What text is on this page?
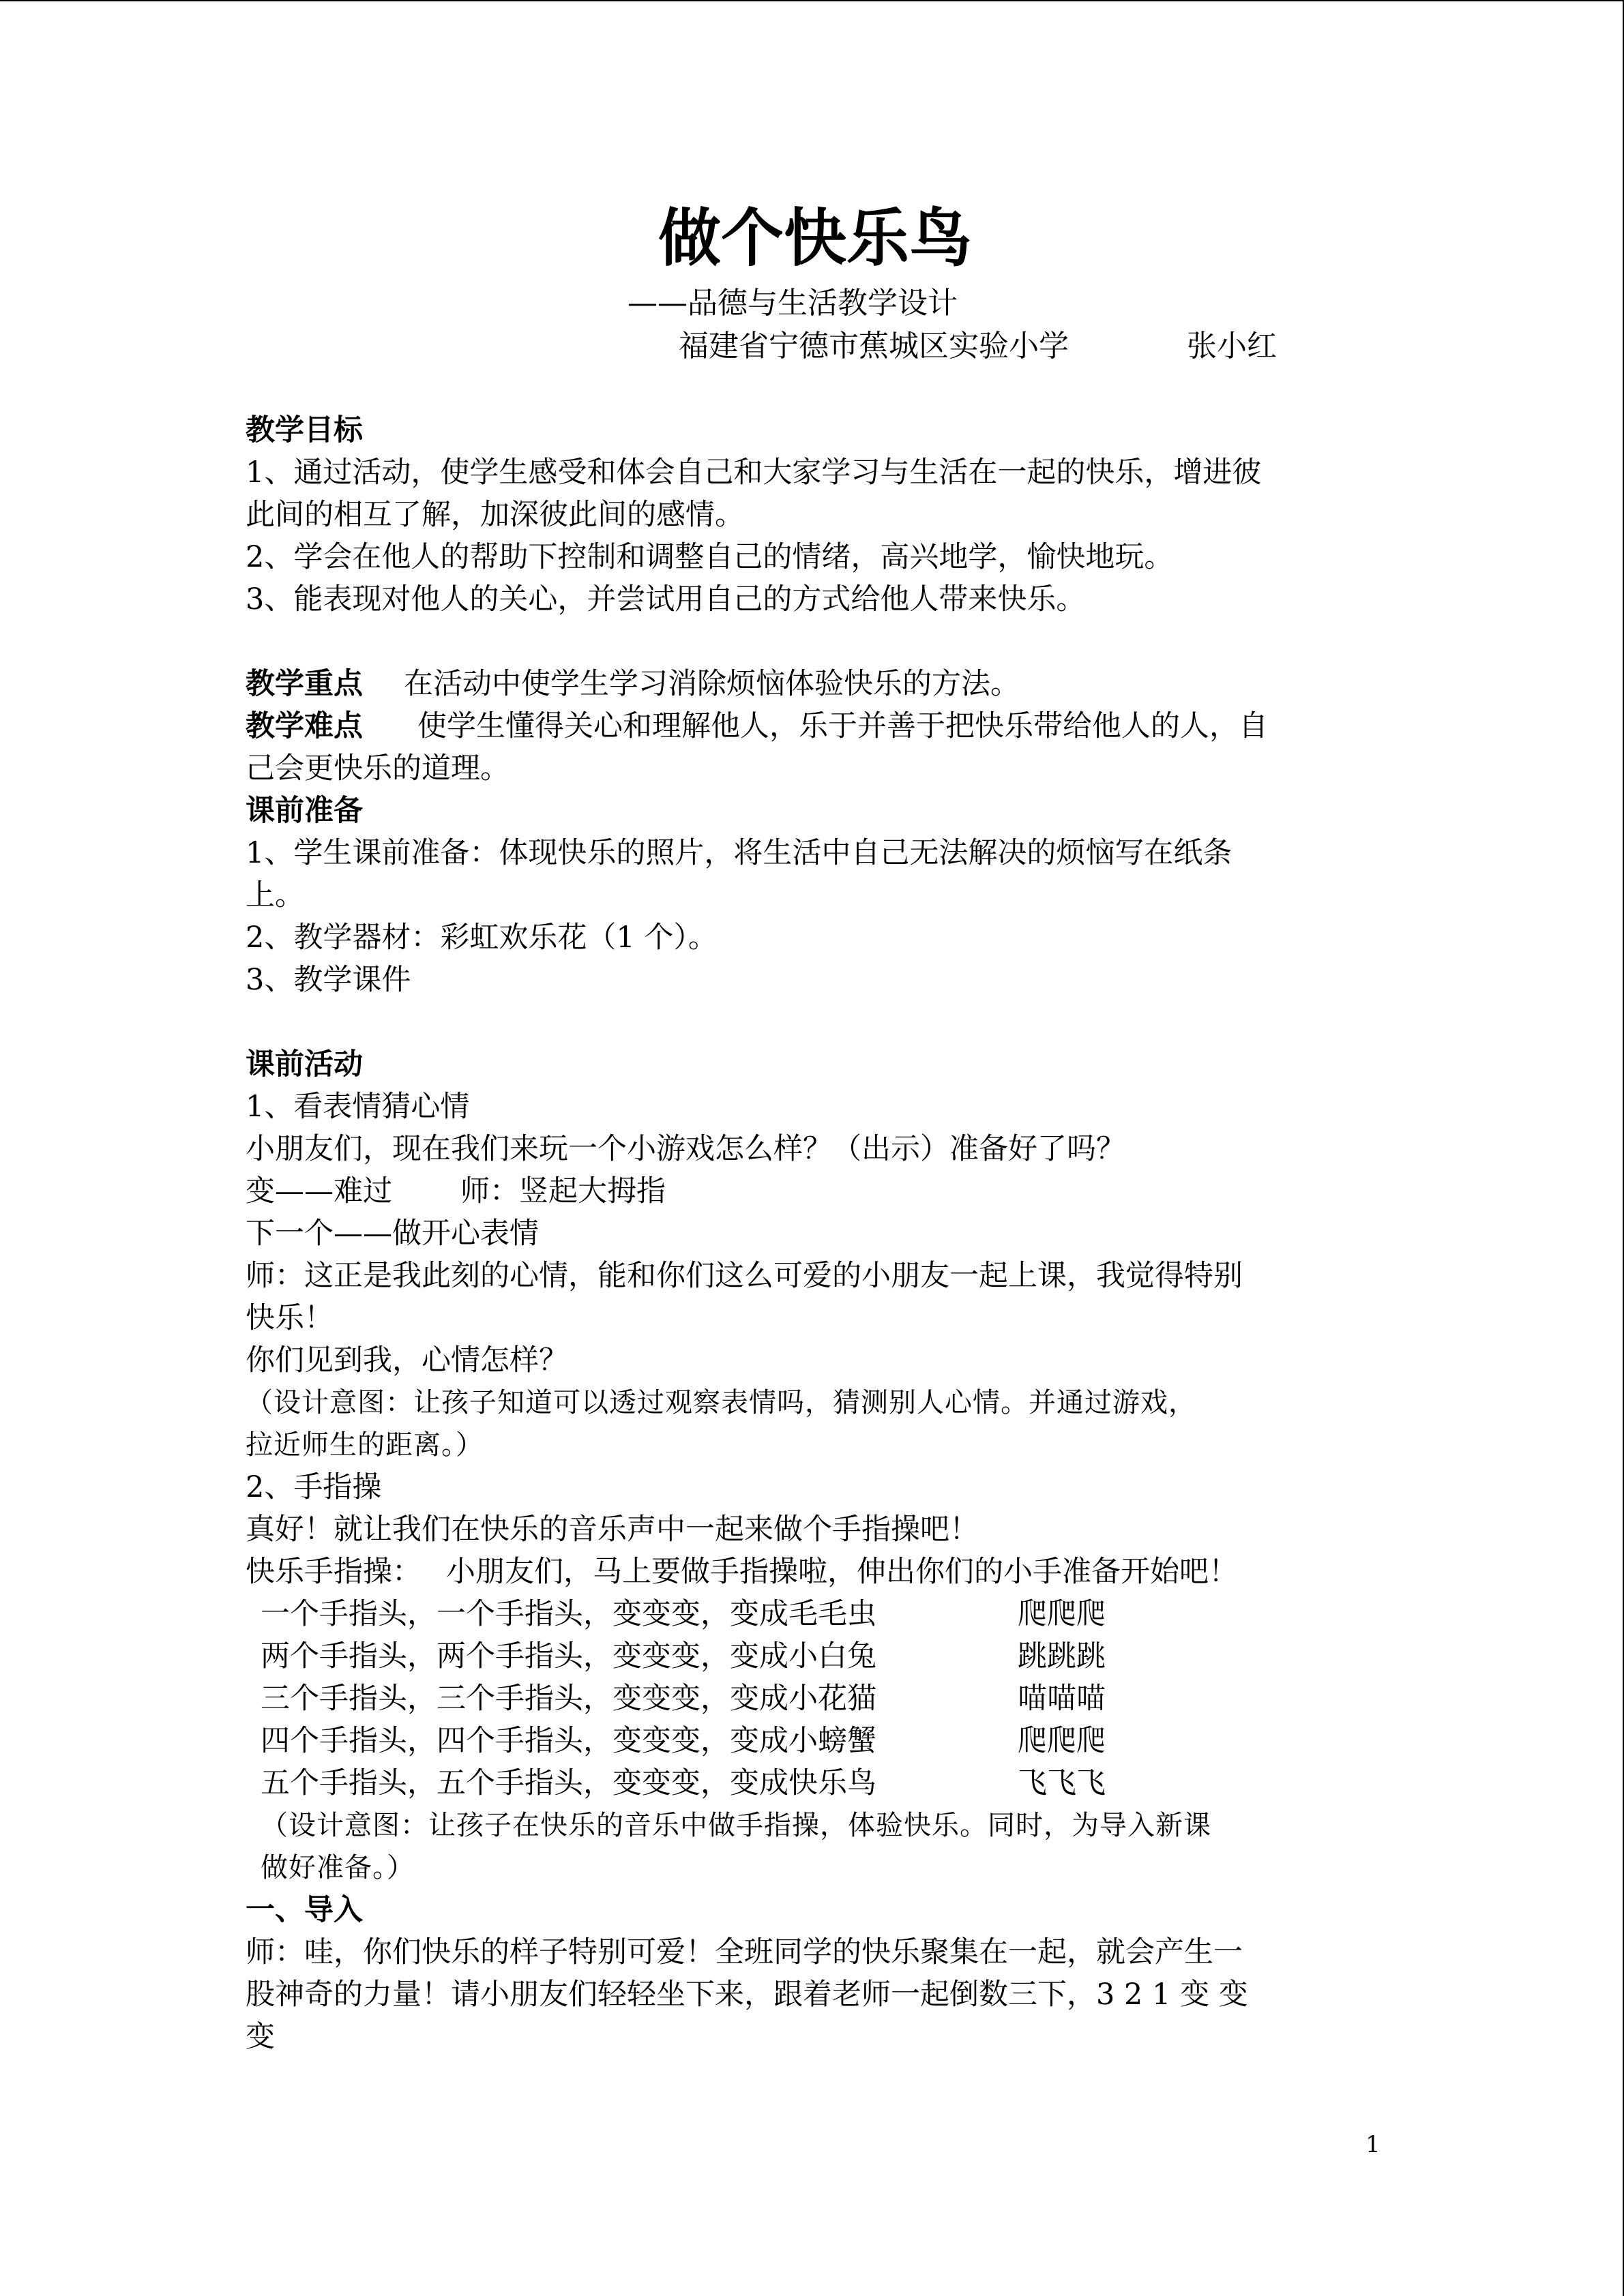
做个快乐鸟
——品德与生活教学设计
福建省宁德市蕉城区实验小学	张小红
教学目标
1、通过活动，使学生感受和体会自己和大家学习与生活在一起的快乐，增进彼
此间的相互了解，加深彼此间的感情。
2、学会在他人的帮助下控制和调整自己的情绪，高兴地学，愉快地玩。
3、能表现对他人的关心，并尝试用自己的方式给他人带来快乐。
教学重点 在活动中使学生学习消除烦恼体验快乐的方法。
教学难点 使学生懂得关心和理解他人，乐于并善于把快乐带给他人的人，自
己会更快乐的道理。
课前准备
1、学生课前准备：体现快乐的照片，将生活中自己无法解决的烦恼写在纸条
上。
2、教学器材：彩虹欢乐花（1 个）。
3、教学课件
课前活动
1、看表情猜心情
小朋友们，现在我们来玩一个小游戏怎么样？（出示）准备好了吗？
变——难过 师：竖起大拇指
下一个——做开心表情
师：这正是我此刻的心情，能和你们这么可爱的小朋友一起上课，我觉得特别
快乐！
你们见到我，心情怎样？
（设计意图：让孩子知道可以透过观察表情吗，猜测别人心情。并通过游戏，
拉近师生的距离。）
2、手指操
真好！就让我们在快乐的音乐声中一起来做个手指操吧！
快乐手指操： 小朋友们，马上要做手指操啦，伸出你们的小手准备开始吧！
一个手指头，一个手指头，变变变，变成毛毛虫	爬爬爬
两个手指头，两个手指头，变变变，变成小白兔	跳跳跳
三个手指头，三个手指头，变变变，变成小花猫	喵喵喵
四个手指头，四个手指头，变变变，变成小螃蟹	爬爬爬
五个手指头，五个手指头，变变变，变成快乐鸟	飞飞飞
（设计意图：让孩子在快乐的音乐中做手指操，体验快乐。同时，为导入新课
做好准备。）
一、导入
师：哇，你们快乐的样子特别可爱！全班同学的快乐聚集在一起，就会产生一
股神奇的力量！请小朋友们轻轻坐下来，跟着老师一起倒数三下，3 2 1 变 变
变
1
